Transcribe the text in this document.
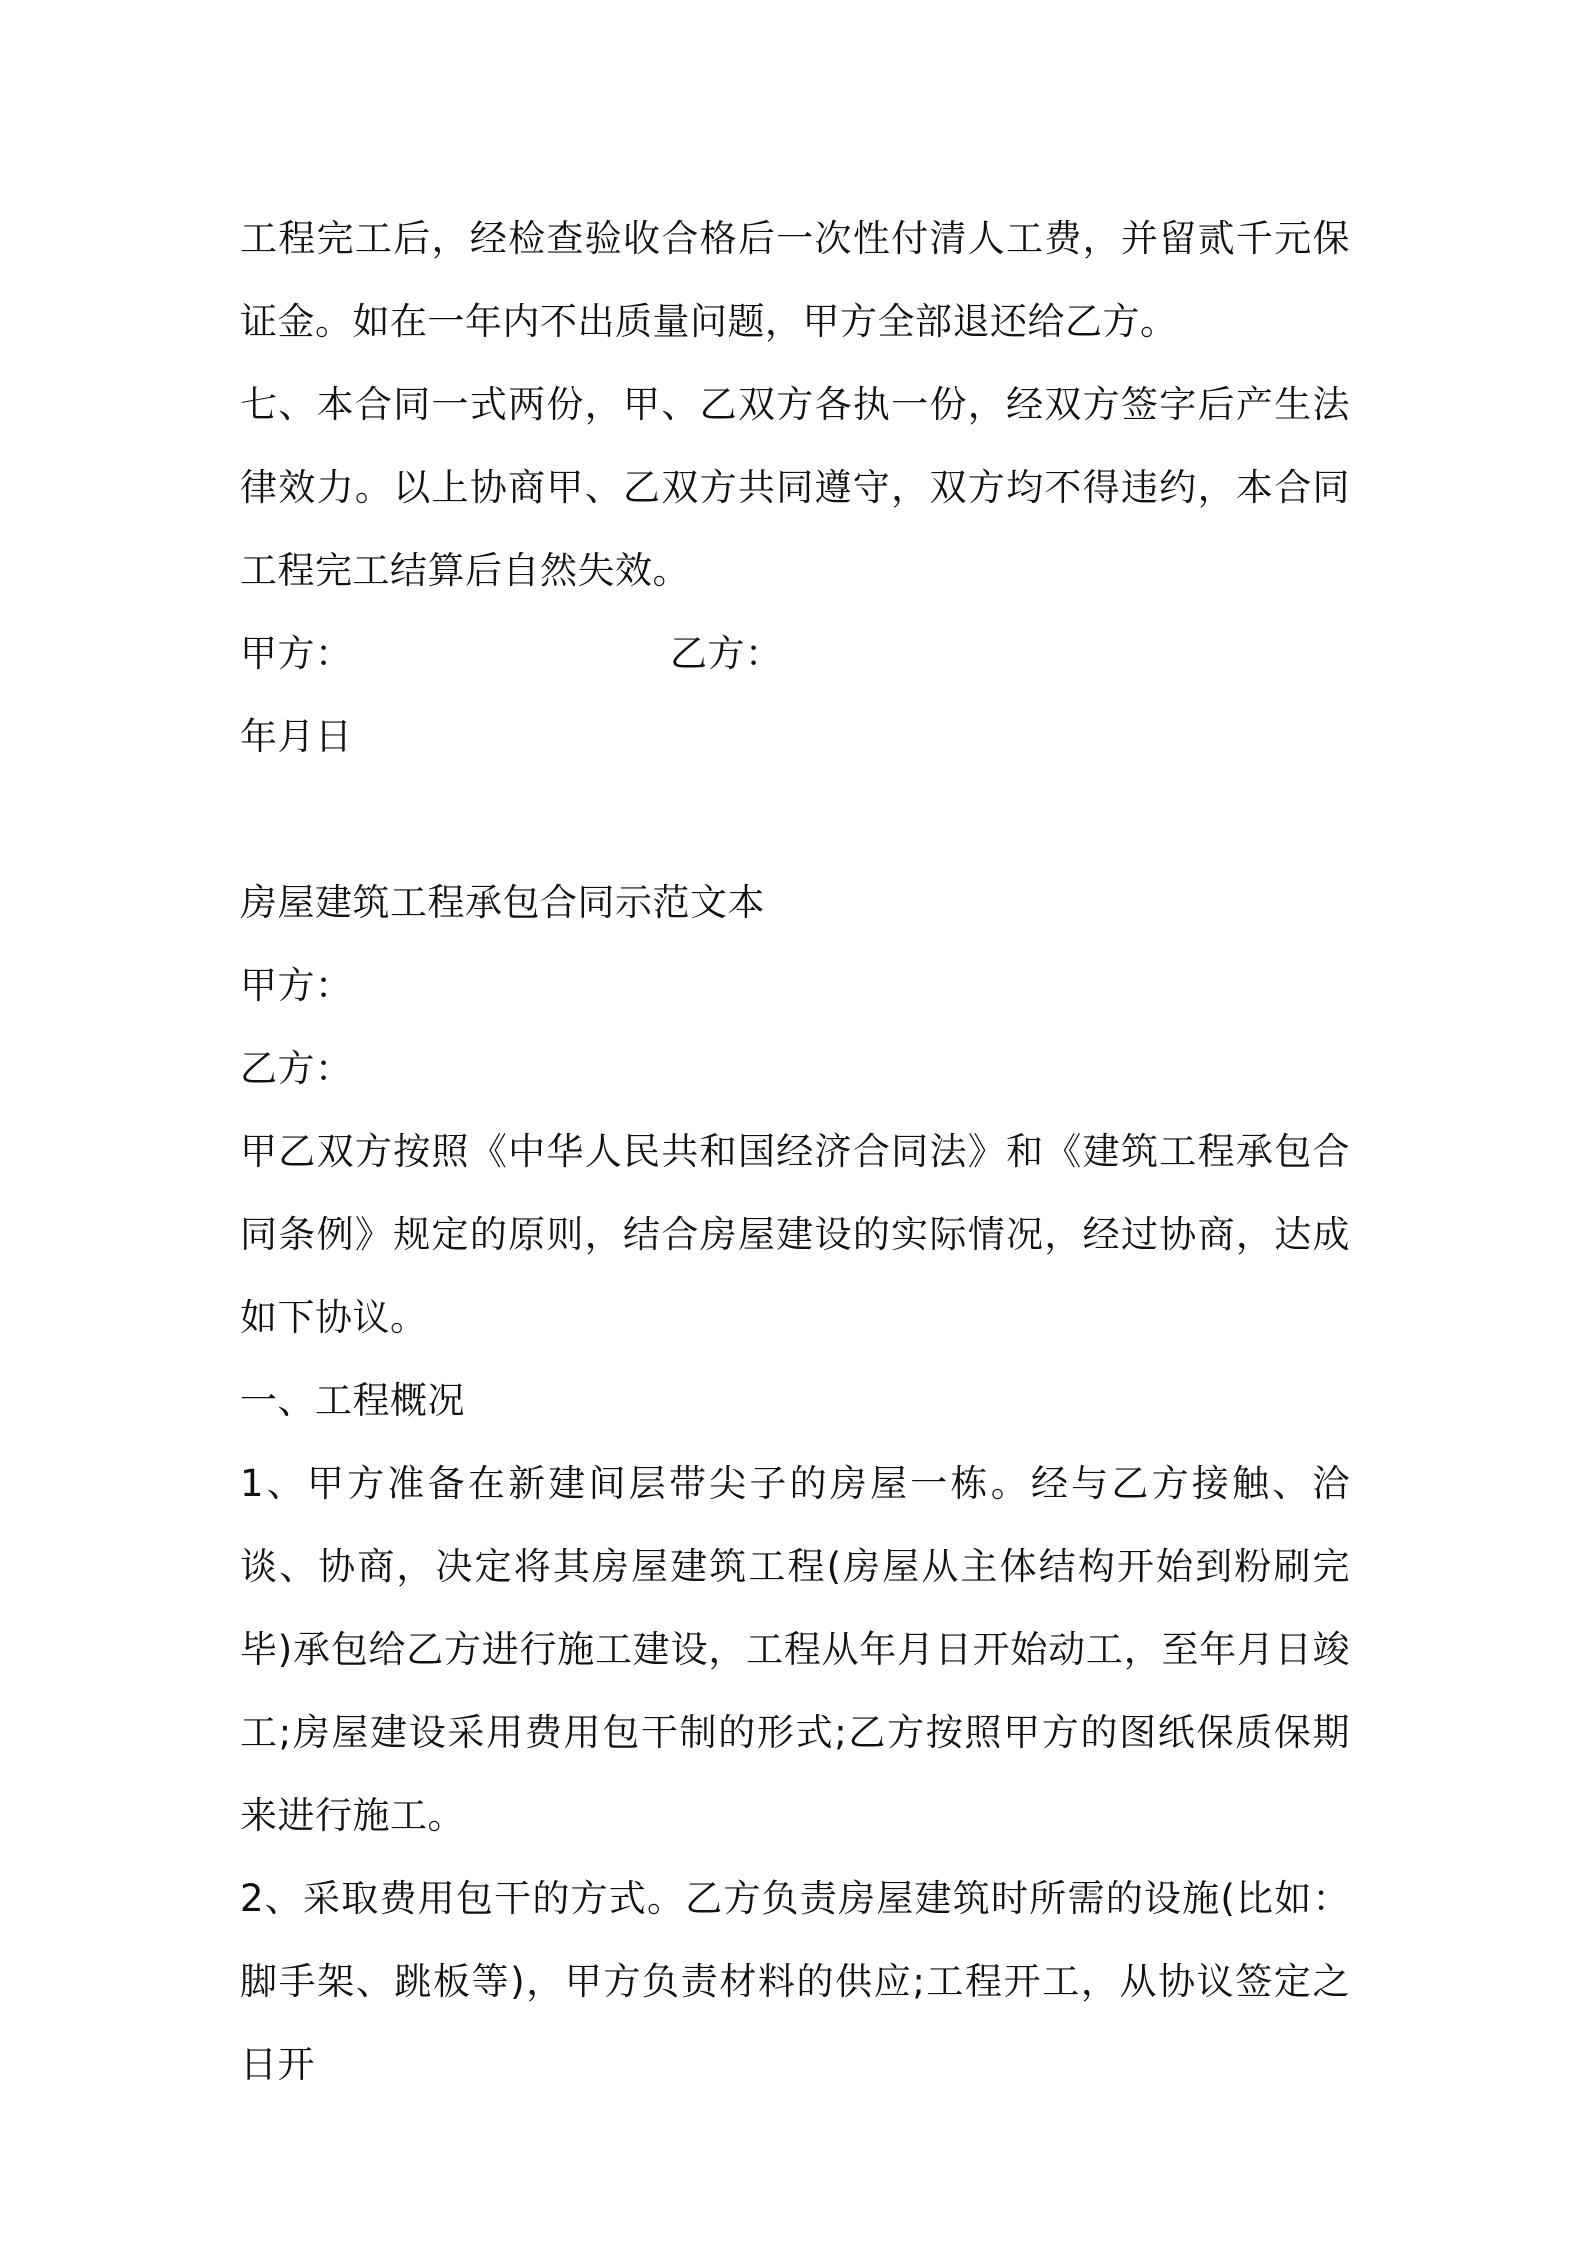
工程完工后，经检查验收合格后一次性付清人工费，并留贰千元保证金。如在一年内不出质量问题，甲方全部退还给乙方。

七、本合同一式两份，甲、乙双方各执一份，经双方签字后产生法律效力。以上协商甲、乙双方共同遵守，双方均不得违约，本合同工程完工结算后自然失效。

甲方：	乙方：

年月日

房屋建筑工程承包合同示范文本

甲方：

乙方：

甲乙双方按照《中华人民共和国经济合同法》和《建筑工程承包合同条例》规定的原则，结合房屋建设的实际情况，经过协商，达成如下协议。

一、工程概况

1、甲方准备在新建间层带尖子的房屋一栋。经与乙方接触、洽谈、协商，决定将其房屋建筑工程(房屋从主体结构开始到粉刷完毕)承包给乙方进行施工建设，工程从年月日开始动工，至年月日竣工;房屋建设采用费用包干制的形式;乙方按照甲方的图纸保质保期来进行施工。

2、采取费用包干的方式。乙方负责房屋建筑时所需的设施(比如：脚手架、跳板等)，甲方负责材料的供应;工程开工，从协议签定之日开
